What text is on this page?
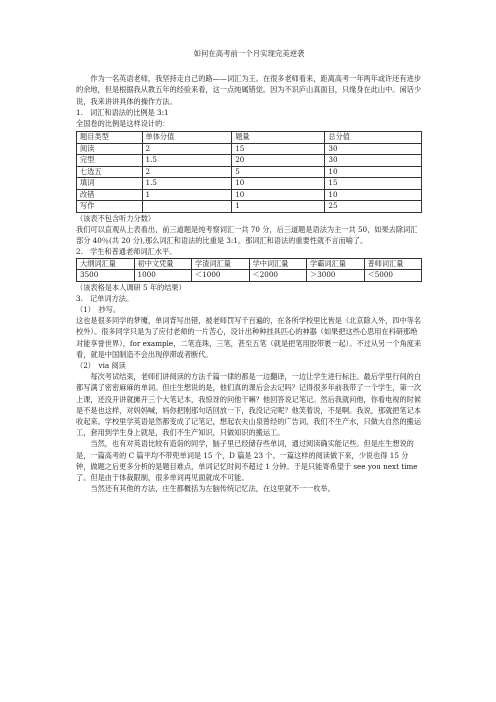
如何在高考前一个月实现完美逆袭

作为一名英语老师，我坚持走自己的路——词汇为王。在很多老师看来，距离高考一年两年或许还有进步的余地，但是根据我从教五年的经验来看，这一点纯属错觉。因为不识庐山真面目，只缘身在此山中。闲话少说，我来讲讲具体的操作方法。

1.　词汇和语法的比例是 3:1

全国卷的比例是这样设计的：

题目类型	单体分值	题量	总分值
阅读	2	15	30
完型	1.5	20	30
七选五	2	5	10
填词	1.5	10	15
改错	1	10	10
写作		1	25

（该表不包含听力分数）

我们可以直观从上表看出，前三道题是纯考察词汇一共 70 分，后三道题是语法为主一共 50，如果去除词汇部分 40％(共 20 分),那么词汇和语法的比重是 3:1。那词汇和语法的重要性就不言而喻了。

2.　学生和普通老师词汇水平。

大纲词汇量	初中文凭量	学渣词汇量	学中词汇量	学霸词汇量	普师词汇量
3500	1000	＜1000	＜2000	＞3000	＜5000

（该表格是本人调研 5 年的结果）

3.　记单词方法。

（1）　抄写。

这也是很多同学的梦魇，单词背写出错，被老师罚写千百遍的，在各所学校里比皆是（北京除入外，四中等名校外）。很多同学只是为了应付老师的一片苦心，设计出种种挂具匹心的神器（如果把这些心思用在科研那绝对能享誉世界），for example，二笔连珠，三笔，甚至五笔（就是把笔用胶带裹一起）。不过从另一个角度来看，就是中国制造不会出现停滞或者断代。

（2）　via 阅读

每次考试结束，老师们讲阅读的方法千篇一律的都是一边翻译，一边让学生进行标注。最后学里行间的白都写满了密密麻麻的单词。但庄生想说的是，他们真的课后会去记吗？记得很多年前我带了一个学生，第一次上课，还没开讲就摊开三个大笔记本，我惊讶的问他干嘛？他回答说记笔记。然后我就问他，你看电视的时候是不是也这样，对妈妈喊，妈你把刚那句话回放一下，我没记完呢？他笑着说，不是啊。我说，那就把笔记本收起来。学校里学英语是然都变成了记笔记，想起农夫山泉曾经的广告词，我们不生产水，只做大自然的搬运工，套用到学生身上就是，我们不生产知识，只做知识的搬运工。

当然，也有对英语比较有造诣的同学，脑子里已经储存些单词，通过阅读确实能记些。但是庄生想说的是，一篇高考的 C 篇平均不带兜单词是 15 个，D 篇是 23 个。一篇这样的阅读做下来，少说也得 15 分钟，做题之后更多分析的是题目难点，单词记忆时间不超过 1 分钟。于是只能寄希望于 see you next time 了。但是由于体裁限制，很多单词再见面就成不可能。

当然还有其他的方法，庄生都概括为左脑传统记忆法，在这里就不一一枚举。
